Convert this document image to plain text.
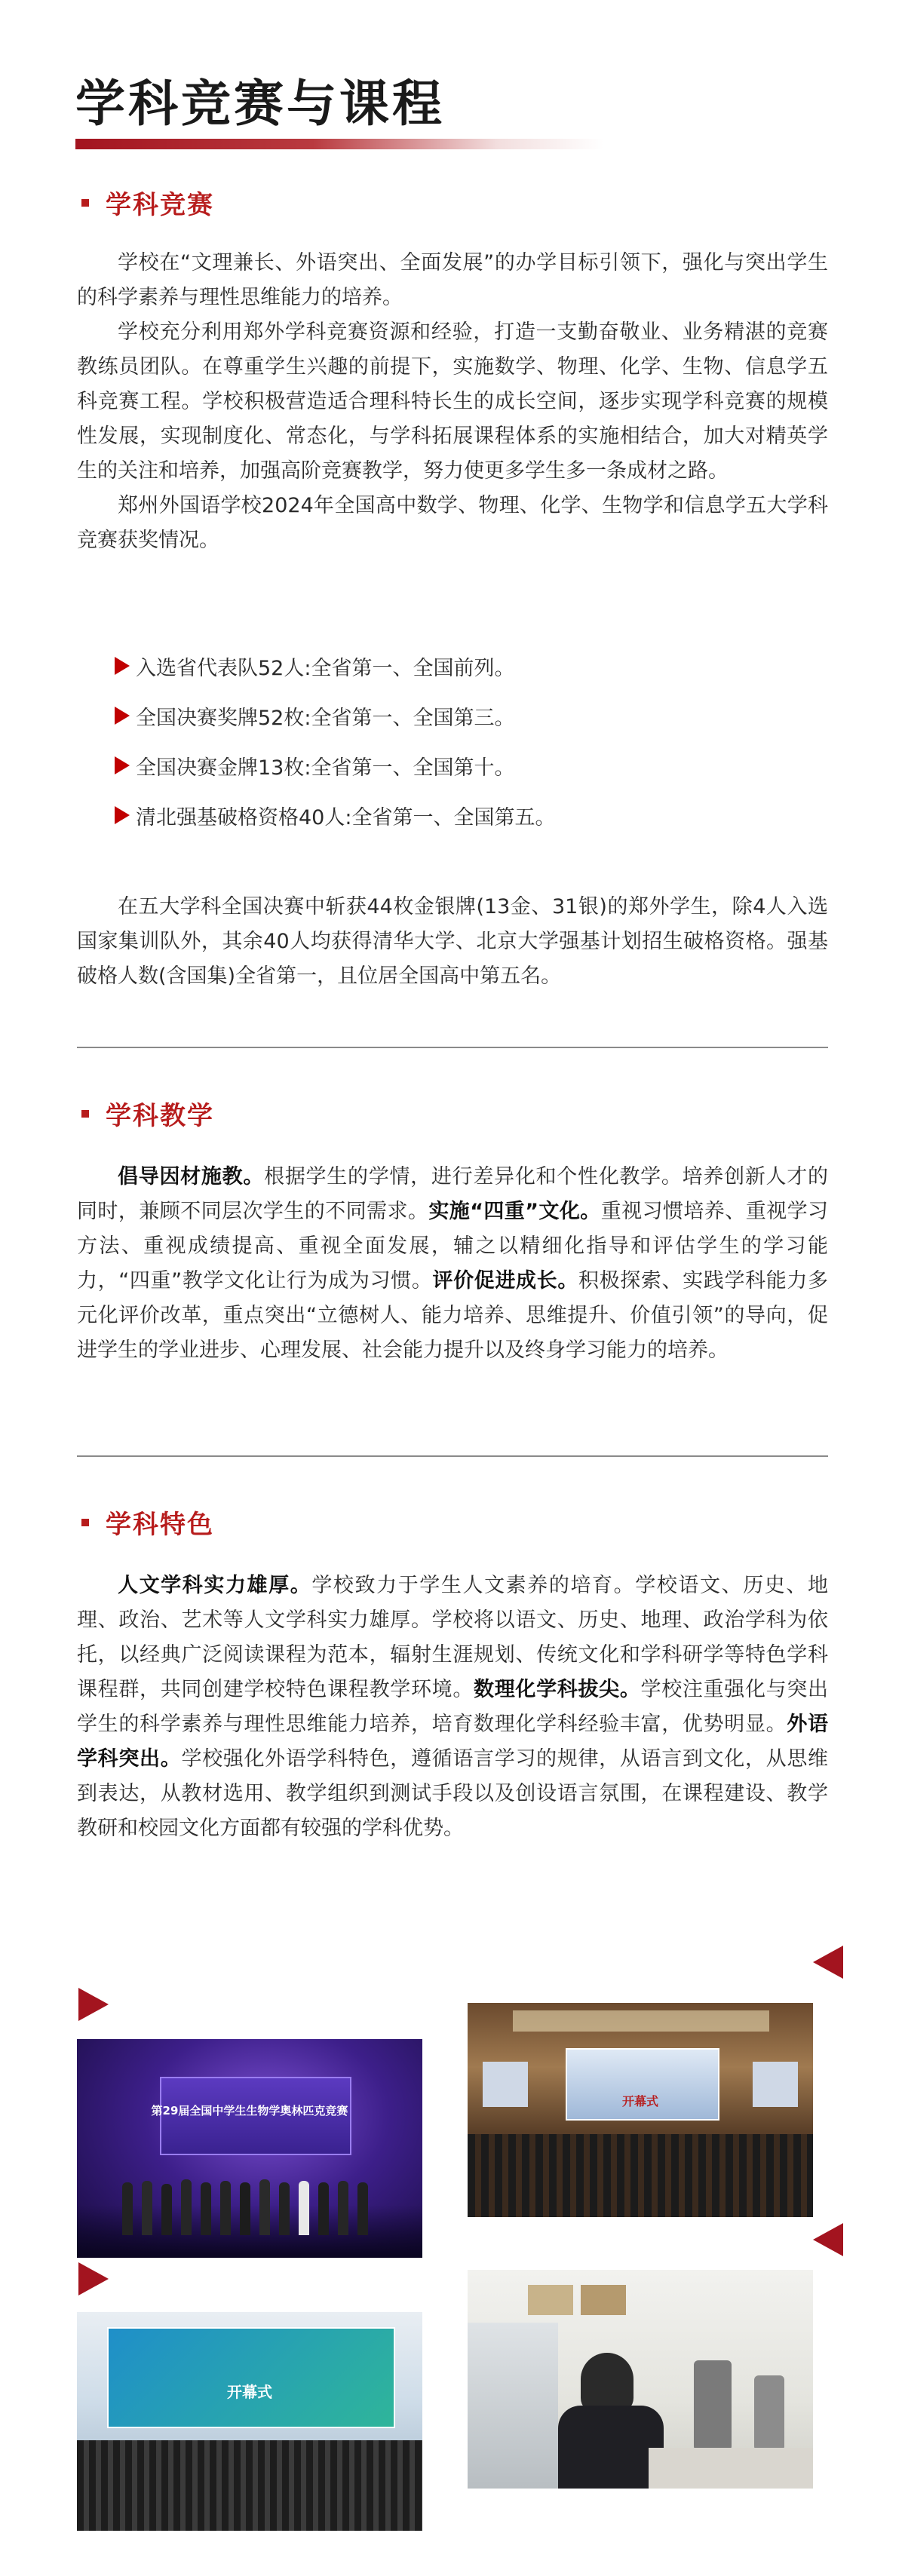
学科竞赛与课程
学科竞赛

学校在“文理兼长、外语突出、全面发展”的办学目标引领下，强化与突出学生的科学素养与理性思维能力的培养。

学校充分利用郑外学科竞赛资源和经验，打造一支勤奋敬业、业务精湛的竞赛教练员团队。在尊重学生兴趣的前提下，实施数学、物理、化学、生物、信息学五科竞赛工程。学校积极营造适合理科特长生的成长空间，逐步实现学科竞赛的规模性发展，实现制度化、常态化，与学科拓展课程体系的实施相结合，加大对精英学生的关注和培养，加强高阶竞赛教学，努力使更多学生多一条成材之路。

郑州外国语学校2024年全国高中数学、物理、化学、生物学和信息学五大学科竞赛获奖情况。

入选省代表队52人:全省第一、全国前列。
全国决赛奖牌52枚:全省第一、全国第三。
全国决赛金牌13枚:全省第一、全国第十。
清北强基破格资格40人:全省第一、全国第五。

在五大学科全国决赛中斩获44枚金银牌(13金、31银)的郑外学生，除4人入选国家集训队外，其余40人均获得清华大学、北京大学强基计划招生破格资格。强基破格人数(含国集)全省第一，且位居全国高中第五名。

学科教学

倡导因材施教。根据学生的学情，进行差异化和个性化教学。培养创新人才的同时，兼顾不同层次学生的不同需求。实施“四重”文化。重视习惯培养、重视学习方法、重视成绩提高、重视全面发展，辅之以精细化指导和评估学生的学习能力，“四重”教学文化让行为成为习惯。评价促进成长。积极探索、实践学科能力多元化评价改革，重点突出“立德树人、能力培养、思维提升、价值引领”的导向，促进学生的学业进步、心理发展、社会能力提升以及终身学习能力的培养。

学科特色

人文学科实力雄厚。学校致力于学生人文素养的培育。学校语文、历史、地理、政治、艺术等人文学科实力雄厚。学校将以语文、历史、地理、政治学科为依托，以经典广泛阅读课程为范本，辐射生涯规划、传统文化和学科研学等特色学科课程群，共同创建学校特色课程教学环境。数理化学科拔尖。学校注重强化与突出学生的科学素养与理性思维能力培养，培育数理化学科经验丰富，优势明显。外语学科突出。学校强化外语学科特色，遵循语言学习的规律，从语言到文化，从思维到表达，从教材选用、教学组织到测试手段以及创设语言氛围，在课程建设、教学教研和校园文化方面都有较强的学科优势。

第29届全国中学生生物学奥林匹克竞赛
开幕式
开幕式
